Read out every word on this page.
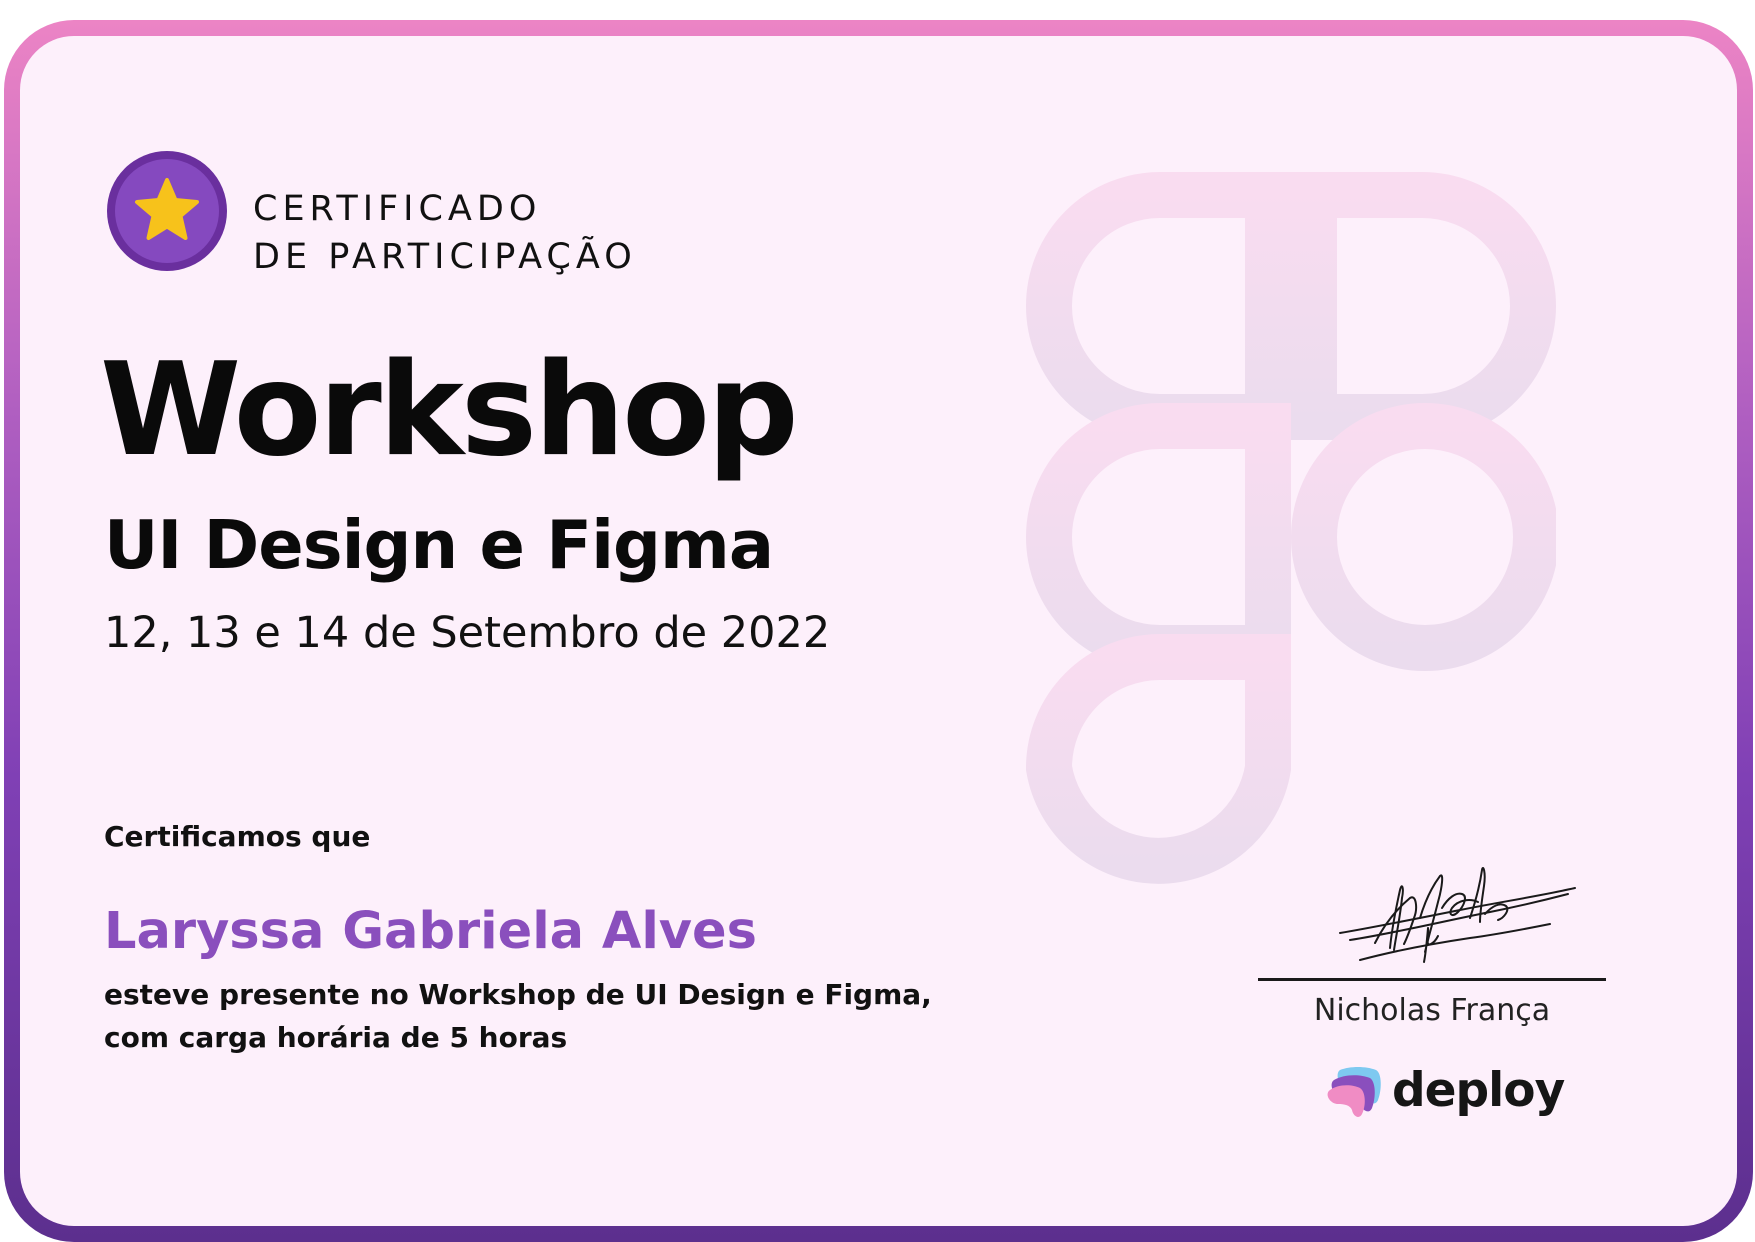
CERTIFICADO
DE PARTICIPAÇÃO
Workshop
UI Design e Figma
12, 13 e 14 de Setembro de 2022
Certificamos que
Laryssa Gabriela Alves
esteve presente no Workshop de UI Design e Figma,
com carga horária de 5 horas
Nicholas França
deploy
